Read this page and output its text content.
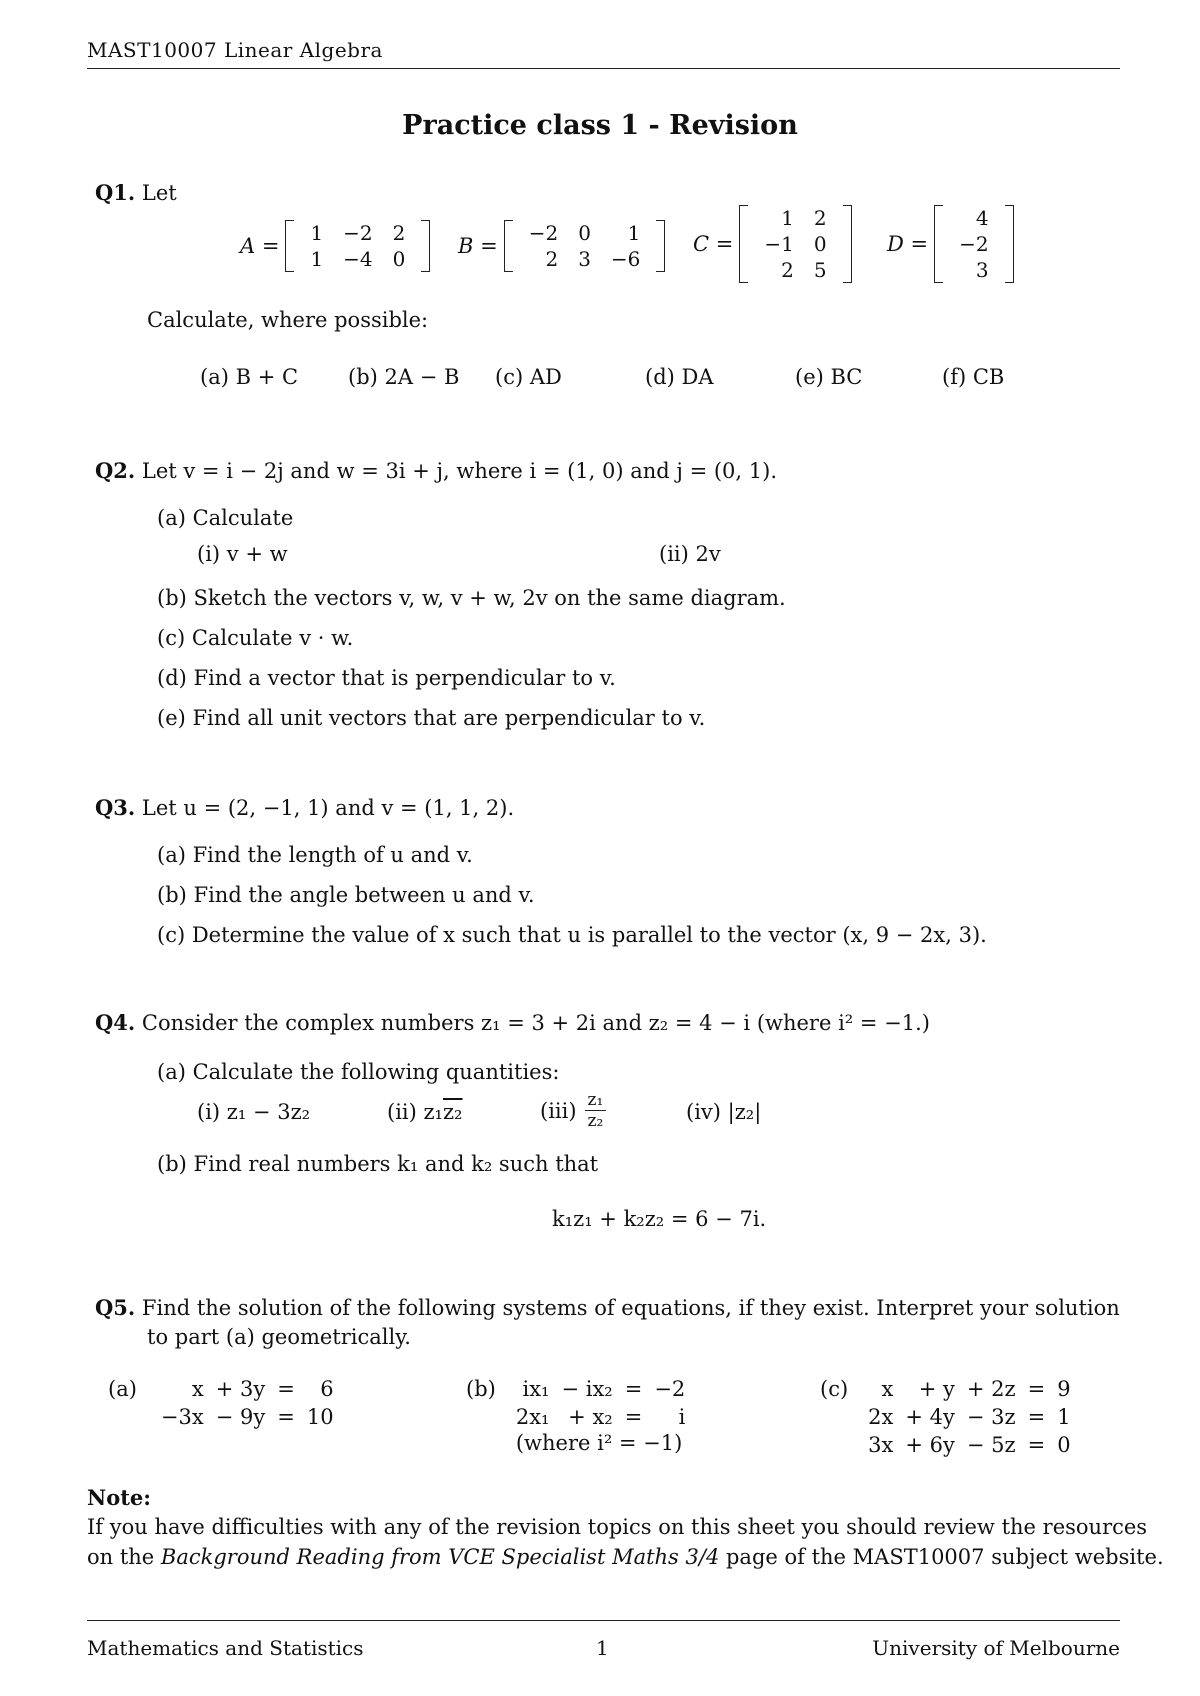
MAST10007 Linear Algebra
Practice class 1 - Revision
Q1. Let
A =
1	−2	2
1	−4	0
B =
−2	0	1
2	3	−6
C =
1	2
−1	0
2	5
D =
4
−2
3
Calculate, where possible:
(a) B + C (b) 2A − B (c) AD	(d) DA	(e) BC	(f) CB
Q2. Let v = i − 2j and w = 3i + j, where i = (1, 0) and j = (0, 1).
(a) Calculate
(i) v + w	(ii) 2v
(b) Sketch the vectors v, w, v + w, 2v on the same diagram.
(c) Calculate v · w.
(d) Find a vector that is perpendicular to v.
(e) Find all unit vectors that are perpendicular to v.
Q3. Let u = (2, −1, 1) and v = (1, 1, 2).
(a) Find the length of u and v.
(b) Find the angle between u and v.
(c) Determine the value of x such that u is parallel to the vector (x, 9 − 2x, 3).
Q4. Consider the complex numbers z₁ = 3 + 2i and z₂ = 4 − i (where i² = −1.)
(a) Calculate the following quantities:
(i) z₁ − 3z₂	(ii) z₁z₂	$(iii) \frac{\text{z₁}}{\text{z₂}}$	(iv) |z₂|
(b) Find real numbers k₁ and k₂ such that
k₁z₁ + k₂z₂ = 6 − 7i.
Q5. Find the solution of the following systems of equations, if they exist. Interpret your solution
to part (a) geometrically.
(a)	x	+ 3y	=	6
−3x	− 9y	=	10
(b) ix₁	− ix₂	=	−2
2x₁	+ x₂	=	i
(where i² = −1)
(c) x	+ y	+ 2z	=	9
2x	+ 4y	− 3z	=	1
3x	+ 6y	− 5z	=	0
Note:
If you have difficulties with any of the revision topics on this sheet you should review the resources
on the Background Reading from VCE Specialist Maths 3/4 page of the MAST10007 subject website.
Mathematics and Statistics	1	University of Melbourne
